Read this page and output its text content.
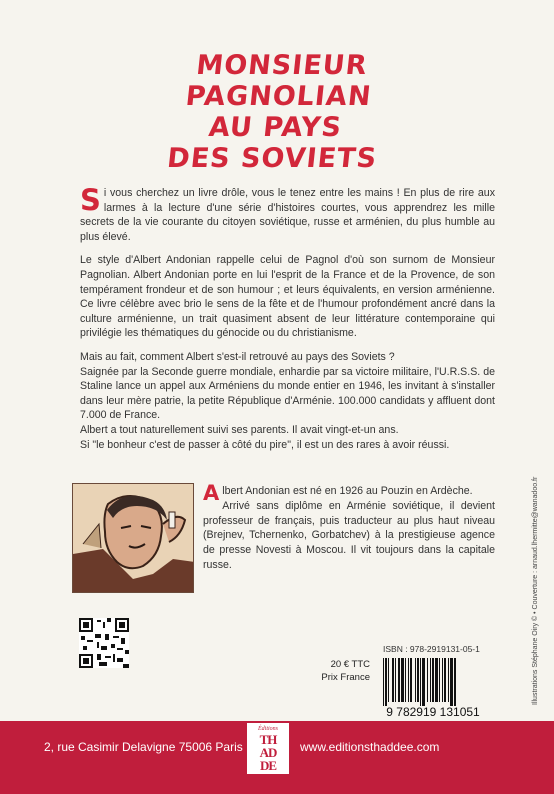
MONSIEUR
PAGNOLIAN
AU PAYS
DES SOVIETS
Si vous cherchez un livre drôle, vous le tenez entre les mains ! En plus de rire aux larmes à la lecture d'une série d'histoires courtes, vous apprendrez les mille secrets de la vie courante du citoyen soviétique, russe et arménien, du plus humble au plus élevé.
Le style d'Albert Andonian rappelle celui de Pagnol d'où son surnom de Monsieur Pagnolian. Albert Andonian porte en lui l'esprit de la France et de la Provence, de son tempérament frondeur et de son humour ; et leurs équivalents, en version arménienne. Ce livre célèbre avec brio le sens de la fête et de l'humour profondément ancré dans la culture arménienne, un trait quasiment absent de leur littérature contemporaine qui privilégie les thématiques du génocide ou du christianisme.
Mais au fait, comment Albert s'est-il retrouvé au pays des Soviets ?
Saignée par la Seconde guerre mondiale, enhardie par sa victoire militaire, l'U.R.S.S. de Staline lance un appel aux Arméniens du monde entier en 1946, les invitant à s'installer dans leur mère patrie, la petite République d'Arménie. 100.000 candidats y affluent dont 7.000 de France.
Albert a tout naturellement suivi ses parents. Il avait vingt-et-un ans.
Si "le bonheur c'est de passer à côté du pire", il est un des rares à avoir réussi.
Albert Andonian est né en 1926 au Pouzin en Ardèche.
Arrivé sans diplôme en Arménie soviétique, il devient professeur de français, puis traducteur au plus haut niveau (Brejnev, Tchernenko, Gorbatchev) à la prestigieuse agence de presse Novesti à Moscou. Il vit toujours dans la capitale russe.
ISBN : 978-2919131-05-1
20 € TTC
Prix France
9 782919 131051
Illustrations Stéphane Oiry © • Couverture : arnaud.lhermitte@wanadoo.fr
2, rue Casimir Delavigne 75006 Paris
Éditions
TH
AD
DE
www.editionsthaddee.com
